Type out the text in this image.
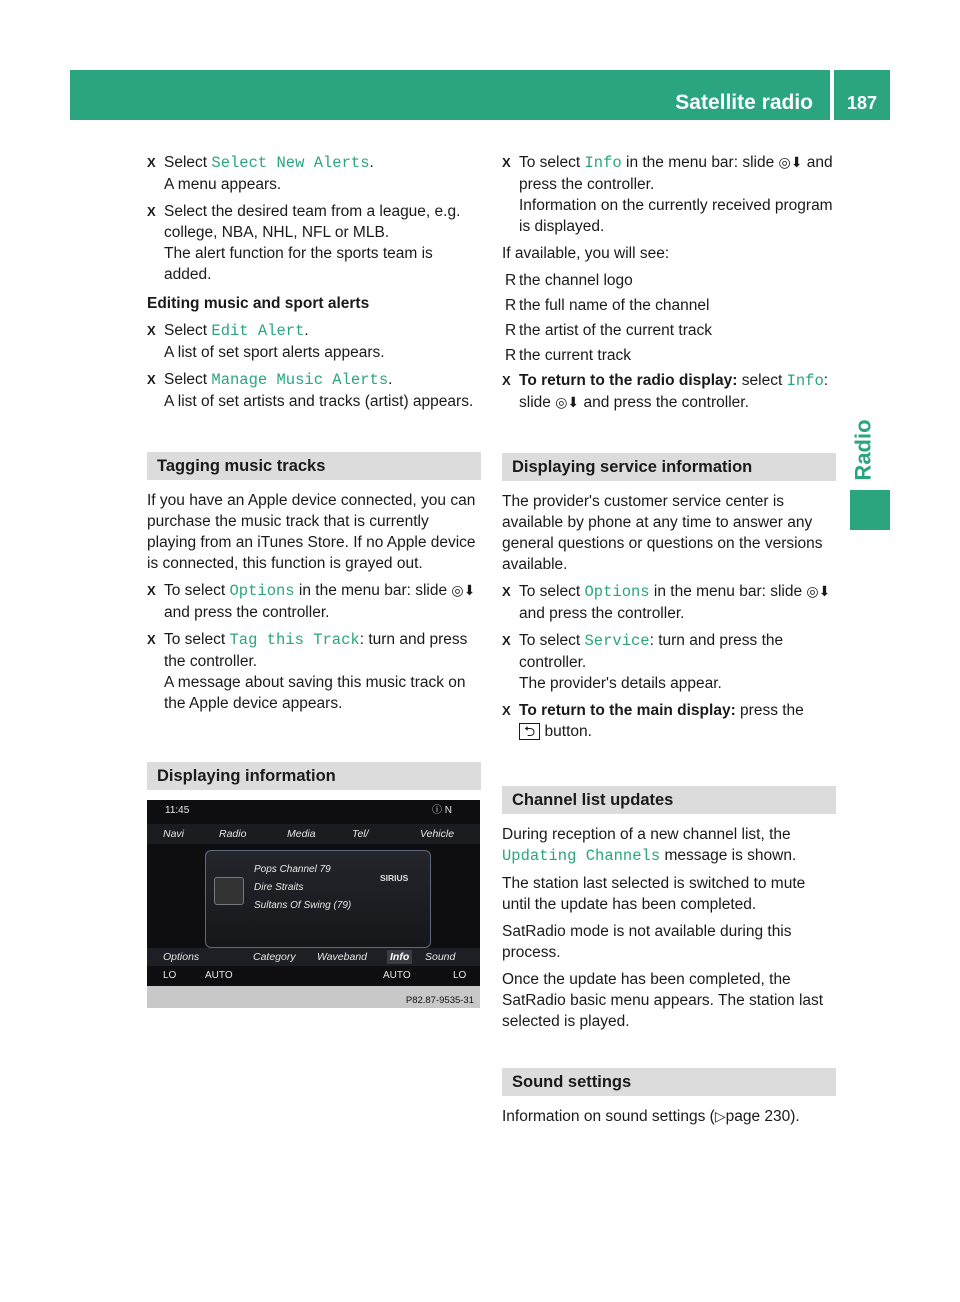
Satellite radio	187
Radio
X Select Select New Alerts.
A menu appears.
X Select the desired team from a league, e.g. college, NBA, NHL, NFL or MLB.
The alert function for the sports team is added.
Editing music and sport alerts
X Select Edit Alert.
A list of set sport alerts appears.
X Select Manage Music Alerts.
A list of set artists and tracks (artist) appears.
Tagging music tracks

If you have an Apple device connected, you can purchase the music track that is currently playing from an iTunes Store. If no Apple device is connected, this function is grayed out.

X To select Options in the menu bar: slide ◎⬇ and press the controller.
X To select Tag this Track: turn and press the controller.
A message about saving this music track on the Apple device appears.
Displaying information
11:45	ⓘ N
Navi	Radio	Media	Tel/	Vehicle
Pops Channel 79
Dire Straits
Sultans Of Swing (79)
SIRIUS
Options	Category Waveband Info Sound
LO	AUTO	AUTO	LO
P82.87-9535-31
X To select Info in the menu bar: slide ◎⬇ and press the controller.
Information on the currently received program is displayed.

If available, you will see:

R the channel logo
R the full name of the channel
R the artist of the current track
R the current track
X To return to the radio display: select Info: slide ◎⬇ and press the controller.
Displaying service information

The provider's customer service center is available by phone at any time to answer any general questions or questions on the versions available.

X To select Options in the menu bar: slide ◎⬇ and press the controller.
X To select Service: turn and press the controller.
The provider's details appear.
X To return to the main display: press the
⮌ button.
Channel list updates

During reception of a new channel list, the Updating Channels message is shown.

The station last selected is switched to mute until the update has been completed.

SatRadio mode is not available during this process.

Once the update has been completed, the SatRadio basic menu appears. The station last selected is played.

Sound settings

Information on sound settings (▷page 230).
